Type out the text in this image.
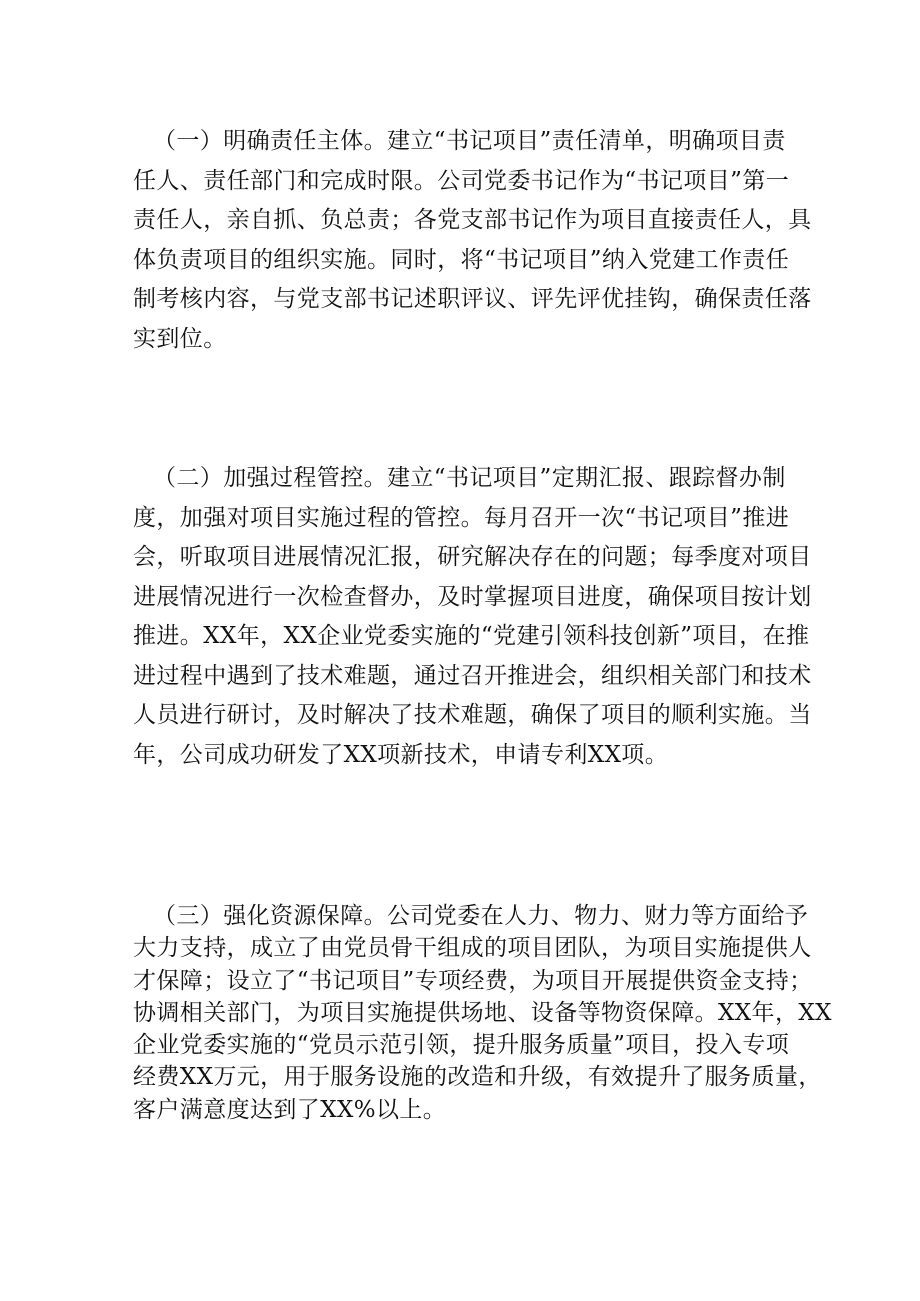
（一）明确责任主体。建立“书记项目”责任清单，明确项目责
任人、责任部门和完成时限。公司党委书记作为“书记项目”第一
责任人，亲自抓、负总责；各党支部书记作为项目直接责任人，具
体负责项目的组织实施。同时，将“书记项目”纳入党建工作责任
制考核内容，与党支部书记述职评议、评先评优挂钩，确保责任落
实到位。

（二）加强过程管控。建立“书记项目”定期汇报、跟踪督办制
度，加强对项目实施过程的管控。每月召开一次“书记项目”推进
会，听取项目进展情况汇报，研究解决存在的问题；每季度对项目
进展情况进行一次检查督办，及时掌握项目进度，确保项目按计划
推进。XX年，XX企业党委实施的“党建引领科技创新”项目，在推
进过程中遇到了技术难题，通过召开推进会，组织相关部门和技术
人员进行研讨，及时解决了技术难题，确保了项目的顺利实施。当
年，公司成功研发了XX项新技术，申请专利XX项。

（三）强化资源保障。公司党委在人力、物力、财力等方面给予
大力支持，成立了由党员骨干组成的项目团队，为项目实施提供人
才保障；设立了“书记项目”专项经费，为项目开展提供资金支持；
协调相关部门，为项目实施提供场地、设备等物资保障。XX年，XX
企业党委实施的“党员示范引领，提升服务质量”项目，投入专项
经费XX万元，用于服务设施的改造和升级，有效提升了服务质量，
客户满意度达到了XX%以上。
